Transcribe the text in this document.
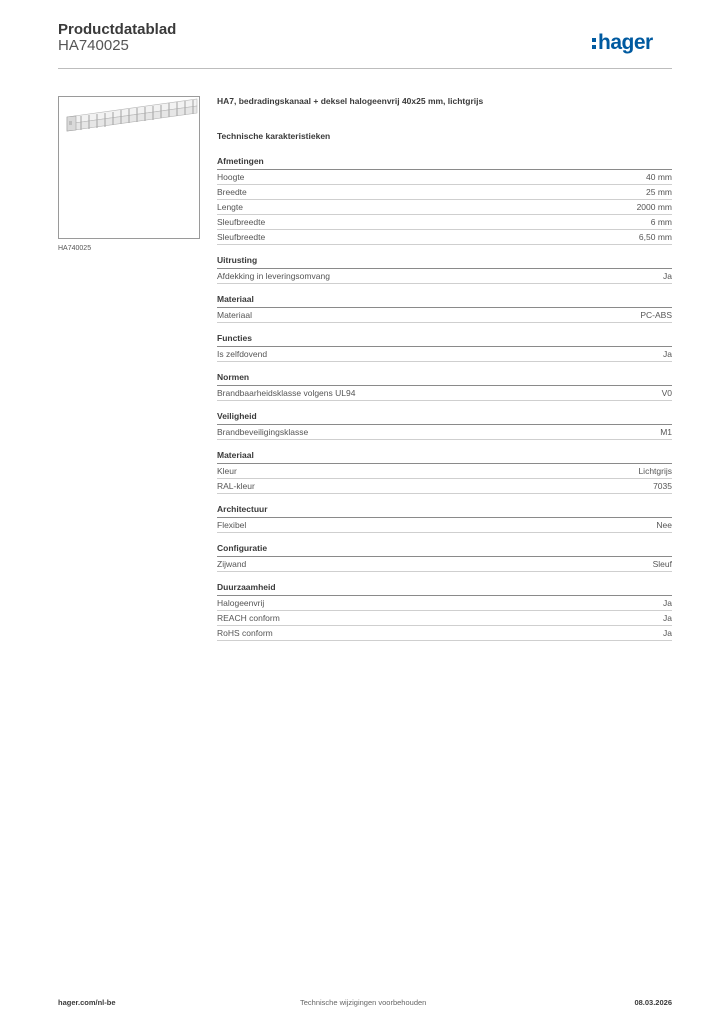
Productdatablad
HA740025	hager
HA740025

HA7, bedradingskanaal + deksel halogeenvrij 40x25 mm, lichtgrijs

Technische karakteristieken
Afmetingen
Hoogte	40 mm
Breedte	25 mm
Lengte	2000 mm
Sleufbreedte	6 mm
Sleufbreedte	6,50 mm
Uitrusting
Afdekking in leveringsomvang	Ja
Materiaal
Materiaal	PC-ABS
Functies
Is zelfdovend	Ja
Normen
Brandbaarheidsklasse volgens UL94	V0
Veiligheid
Brandbeveiligingsklasse	M1
Materiaal
Kleur	Lichtgrijs
RAL-kleur	7035
Architectuur
Flexibel	Nee
Configuratie
Zijwand	Sleuf
Duurzaamheid
Halogeenvrij	Ja
REACH conform	Ja
RoHS conform	Ja
hager.com/nl-be	Technische wijzigingen voorbehouden	08.03.2026
